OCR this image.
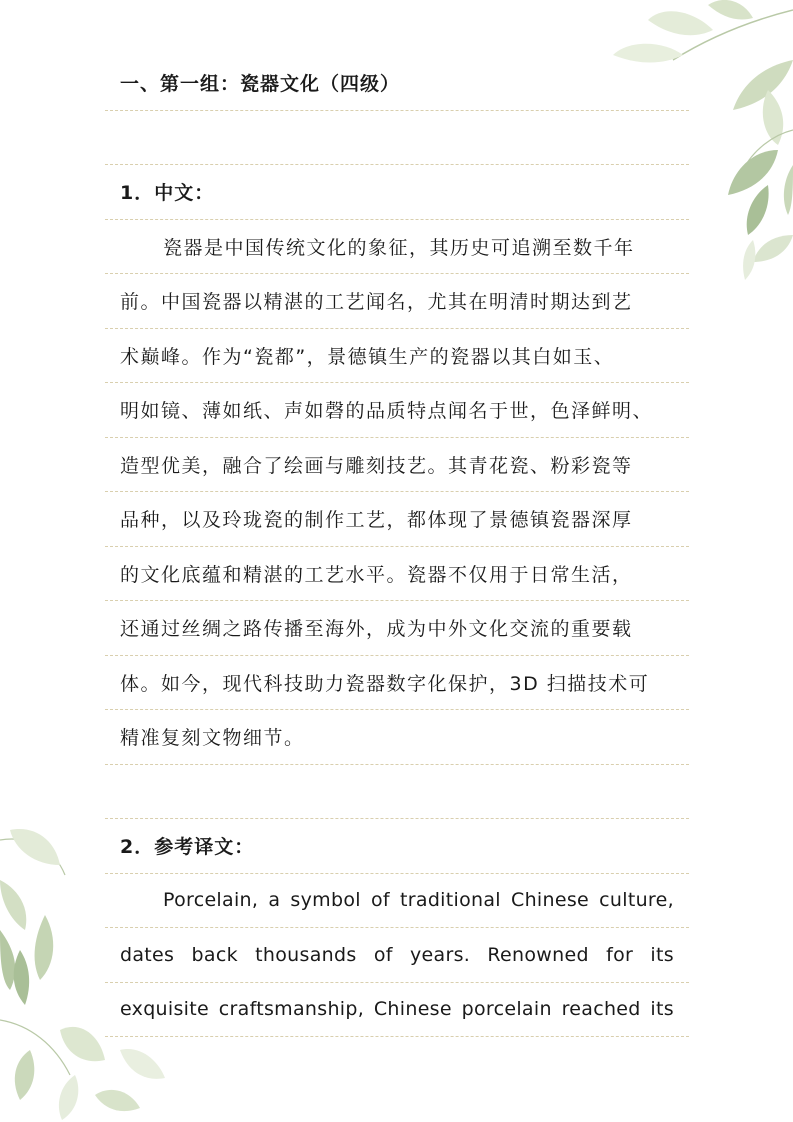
一、第一组：瓷器文化（四级）
1．中文：
瓷器是中国传统文化的象征，其历史可追溯至数千年
前。中国瓷器以精湛的工艺闻名，尤其在明清时期达到艺
术巅峰。作为“瓷都”，景德镇生产的瓷器以其白如玉、
明如镜、薄如纸、声如磬的品质特点闻名于世，色泽鲜明、
造型优美，融合了绘画与雕刻技艺。其青花瓷、粉彩瓷等
品种，以及玲珑瓷的制作工艺，都体现了景德镇瓷器深厚
的文化底蕴和精湛的工艺水平。瓷器不仅用于日常生活，
还通过丝绸之路传播至海外，成为中外文化交流的重要载
体。如今，现代科技助力瓷器数字化保护，3D 扫描技术可
精准复刻文物细节。
2．参考译文：
Porcelain, a symbol of traditional Chinese culture,
dates back thousands of years. Renowned for its
exquisite craftsmanship, Chinese porcelain reached its
